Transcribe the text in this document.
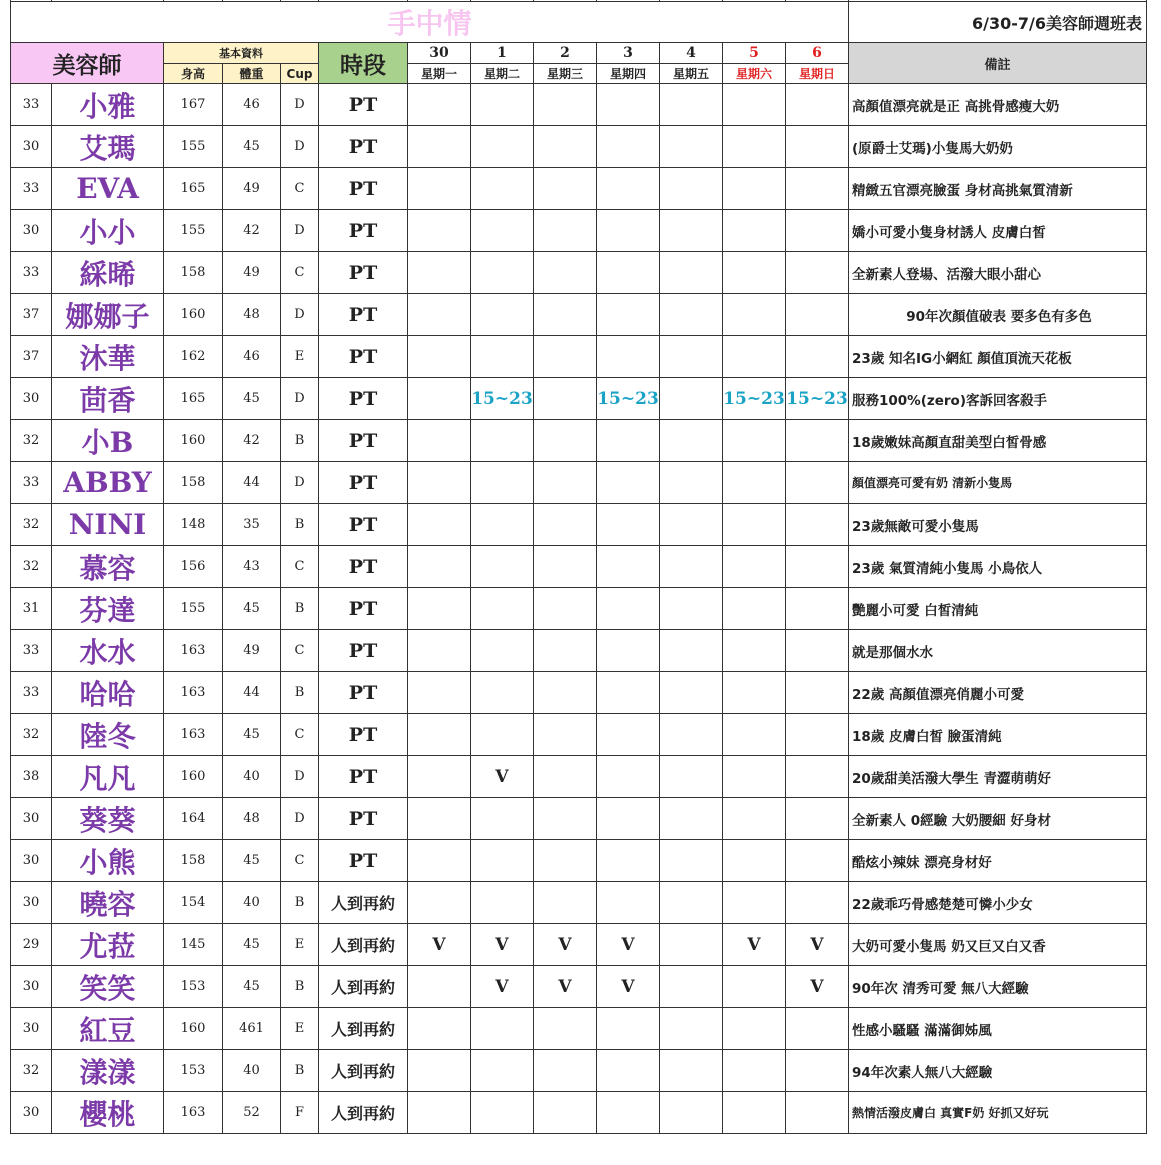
手中情													6/30-7/6美容師週班表
美容師		基本資料			時段	30	1	2	3	4	5	6	備註
		身高	體重	Cup		星期一	星期二	星期三	星期四	星期五	星期六	星期日	
33	小雅	167	46	D	PT								高顏值漂亮就是正 高挑骨感瘦大奶
30	艾瑪	155	45	D	PT								(原爵士艾瑪)小隻馬大奶奶
33	EVA	165	49	C	PT								精緻五官漂亮臉蛋 身材高挑氣質清新
30	小小	155	42	D	PT								嬌小可愛小隻身材誘人 皮膚白皙
33	綵晞	158	49	C	PT								全新素人登場、活潑大眼小甜心
37	娜娜子	160	48	D	PT								90年次顏值破表 要多色有多色
37	沐華	162	46	E	PT								23歲 知名IG小網紅 顏值頂流天花板
30	茴香	165	45	D	PT		15~23		15~23		15~23	15~23	服務100%(zero)客訴回客殺手
32	小B	160	42	B	PT								18歲嫩妹高顏直甜美型白皙骨感
33	ABBY	158	44	D	PT								顏值漂亮可愛有奶 清新小隻馬
32	NINI	148	35	B	PT								23歲無敵可愛小隻馬
32	慕容	156	43	C	PT								23歲 氣質清純小隻馬 小鳥依人
31	芬達	155	45	B	PT								艷麗小可愛 白皙清純
33	水水	163	49	C	PT								就是那個水水
33	哈哈	163	44	B	PT								22歲 高顏值漂亮俏麗小可愛
32	陸冬	163	45	C	PT								18歲 皮膚白皙 臉蛋清純
38	凡凡	160	40	D	PT		V						20歲甜美活潑大學生 青澀萌萌好
30	葵葵	164	48	D	PT								全新素人 0經驗 大奶腰細 好身材
30	小熊	158	45	C	PT								酷炫小辣妹 漂亮身材好
30	曉容	154	40	B	人到再約								22歲乖巧骨感楚楚可憐小少女
29	尤菈	145	45	E	人到再約	V	V	V	V		V	V	大奶可愛小隻馬 奶又巨又白又香
30	笑笑	153	45	B	人到再約		V	V	V			V	90年次 清秀可愛 無八大經驗
30	紅豆	160	461	E	人到再約								性感小騷騷 滿滿御姊風
32	漾漾	153	40	B	人到再約								94年次素人無八大經驗
30	櫻桃	163	52	F	人到再約								熱情活潑皮膚白 真實F奶 好抓又好玩
